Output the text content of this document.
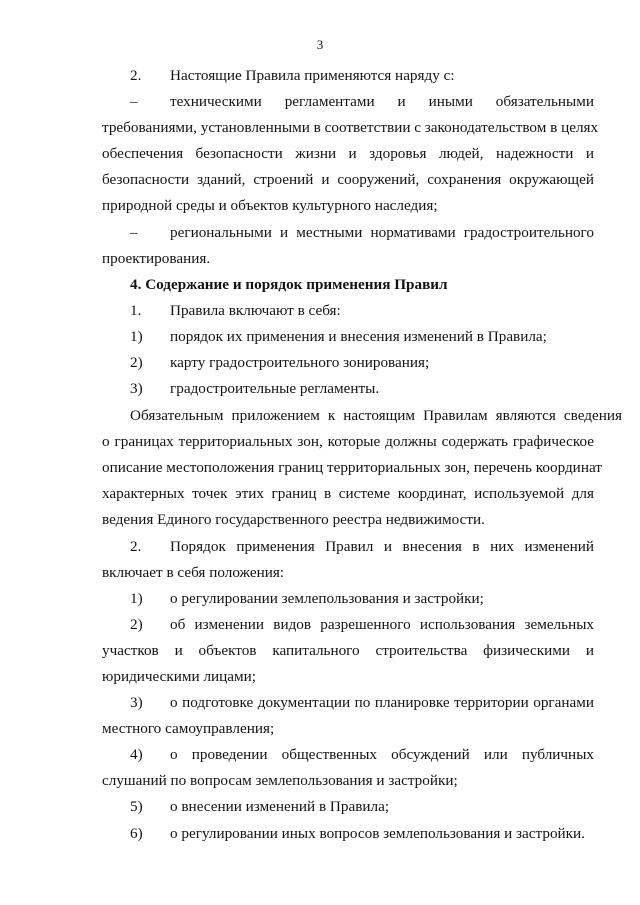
3
2. Настоящие Правила применяются наряду с:
– техническими регламентами и иными обязательными
требованиями, установленными в соответствии с законодательством в целях
обеспечения безопасности жизни и здоровья людей, надежности и
безопасности зданий, строений и сооружений, сохранения окружающей
природной среды и объектов культурного наследия;
– региональными и местными нормативами градостроительного
проектирования.
4. Содержание и порядок применения Правил
1. Правила включают в себя:
1) порядок их применения и внесения изменений в Правила;
2) карту градостроительного зонирования;
3) градостроительные регламенты.
Обязательным приложением к настоящим Правилам являются сведения
о границах территориальных зон, которые должны содержать графическое
описание местоположения границ территориальных зон, перечень координат
характерных точек этих границ в системе координат, используемой для
ведения Единого государственного реестра недвижимости.
2. Порядок применения Правил и внесения в них изменений
включает в себя положения:
1) о регулировании землепользования и застройки;
2) об изменении видов разрешенного использования земельных
участков и объектов капитального строительства физическими и
юридическими лицами;
3) о подготовке документации по планировке территории органами
местного самоуправления;
4) о проведении общественных обсуждений или публичных
слушаний по вопросам землепользования и застройки;
5) о внесении изменений в Правила;
6) о регулировании иных вопросов землепользования и застройки.
